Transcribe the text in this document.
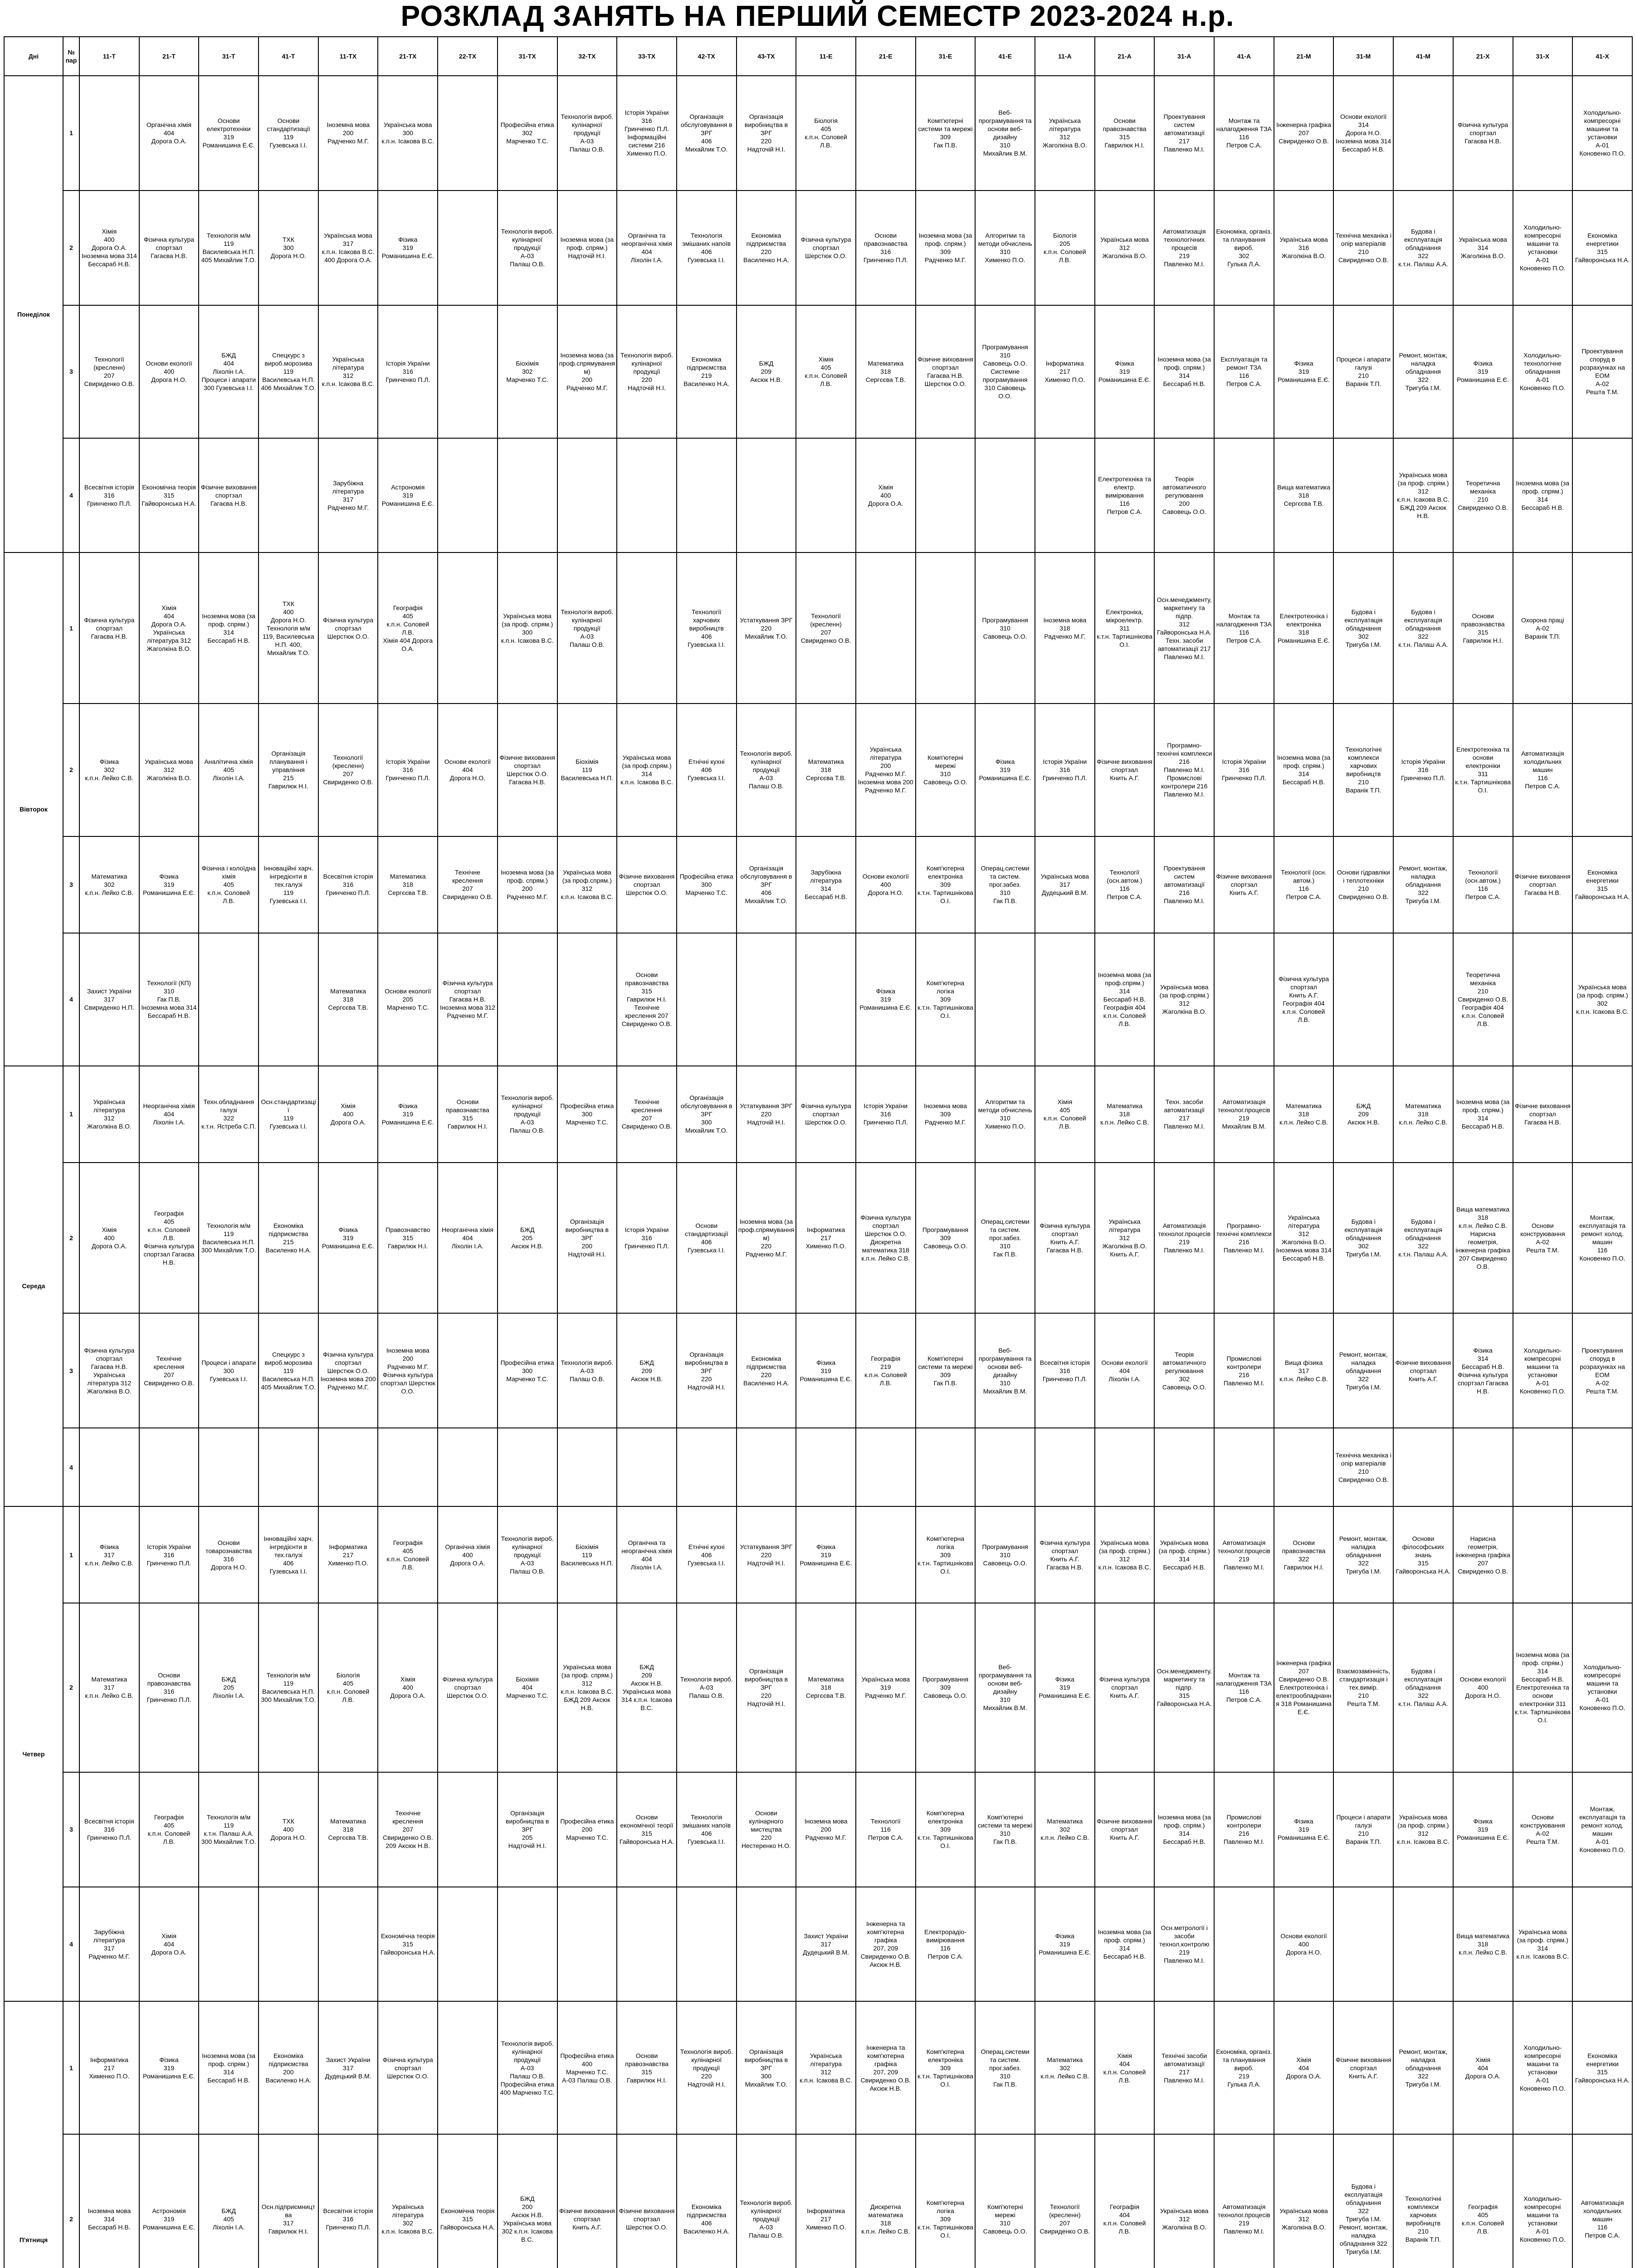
РОЗКЛАД ЗАНЯТЬ НА ПЕРШИЙ СЕМЕСТР 2023-2024 н.р.
Дні	№ пар	11-Т	21-Т	31-Т	41-Т	11-ТХ	21-ТХ	22-ТХ	31-ТХ	32-ТХ	33-ТХ	42-ТХ	43-ТХ	11-Е	21-Е	31-Е	41-Е	11-А	21-А	31-А	41-А	21-М	31-М	41-М	21-Х	31-Х	41-Х
Понеділок	1		Органічна хімія
404
Дорога О.А.	Основи електротехніки
319
Романишина Е.Є.	Основи стандартизації
119
Гузевська І.І.	Іноземна мова
200
Радченко М.Г.	Українська мова
300
к.п.н. Ісакова В.С.		Професійна етика
302
Марченко Т.С.	Технологія вироб. кулінарної продукції
А-03
Палаш О.В.	Історія України
316
Гринченко П.Л.
Інформаційні системи 216 Хименко П.О.	Організація обслуговування в ЗРГ
406
Михайлик Т.О.	Організація виробництва в ЗРГ
220
Надточій Н.І.	Біологія
405
к.п.н. Соловей Л.В.		Комп'ютерні системи та мережі
309
Гак П.В.	Веб-програмування та основи веб-дизайну
310
Михайлик В.М.	Українська література
312
Жаголкіна В.О.	Основи правознавства
315
Гаврилюк Н.І.	Проектування систем автоматизації
217
Павленко М.І.	Монтаж та налагодження ТЗА
116
Петров С.А.	Інженерна графіка
207
Свириденко О.В.	Основи екології
314
Дорога Н.О.
Іноземна мова 314 Бессараб Н.В.		Фізична культура
спортзал
Гагаєва Н.В.		Холодильно-компресорні машини та установки
А-01
Коновенко П.О.
	2	Хімія
400
Дорога О.А.
Іноземна мова 314 Бессараб Н.В.	Фізична культура
спортзал
Гагаєва Н.В.	Технологія м/м
119
Василевська Н.П.
405 Михайлик Т.О.	ТХК
300
Дорога Н.О.	Українська мова
317
к.п.н. Ісакова В.С.
400 Дорога О.А.	Фізика
319
Романишина Е.Є.		Технологія вироб. кулінарної продукції
А-03
Палаш О.В.	Іноземна мова (за проф. спрям.)
Надточій Н.І.	Органічна та неорганічна хімія
404
Ліхолін І.А.	Технологія змішаних напоїв
406
Гузевська І.І.	Економіка підприємства
220
Василенко Н.А.	Фізична культура
спортзал
Шерстюк О.О.	Основи правознавства
316
Гринченко П.Л.	Іноземна мова (за проф. спрям.)
309
Радченко М.Г.	Алгоритми та методи обчислень
310
Хименко П.О.	Біологія
205
к.п.н. Соловей Л.В.	Українська мова
312
Жаголкіна В.О.	Автоматизація технологічних процесів
219
Павленко М.І.	Економіка, організ. та планування вироб.
302
Гулька Л.А.	Українська мова
316
Жаголкіна В.О.	Технічна механіка і опір матеріалів
210
Свириденко О.В.	Будова і експлуатація обладнання
322
к.т.н. Палаш А.А.	Українська мова
314
Жаголкіна В.О.	Холодильно-компресорні машини та установки
А-01
Коновенко П.О.	Економіка енергетики
315
Гайворонська Н.А.
	3	Технології (кресленн)
207
Свириденко О.В.	Основи екології
400
Дорога Н.О.	БЖД
404
Ліхолін І.А.
Процеси і апарати 300 Гузевська І.І.	Спецкурс з вироб.морозива
119
Василевська Н.П.
406 Михайлик Т.О.	Українська література
312
к.п.н. Ісакова В.С.	Історія України
316
Гринченко П.Л.		Біохімія
302
Марченко Т.С.	Іноземна мова (за проф.спрямуванням)
200
Радченко М.Г.	Технологія вироб. кулінарної продукції
220
Надточій Н.І.	Економіка підприємства
219
Василенко Н.А.	БЖД
209
Аксюк Н.В.	Хімія
405
к.п.н. Соловей Л.В.	Математика
318
Сергєєва Т.В.	Фізичне виховання
спортзал
Гагаєва Н.В.
Шерстюк О.О.	Програмування
310
Савовець О.О.
Системне програмування 310 Савовець О.О.	Інформатика
217
Хименко П.О.	Фізика
319
Романишина Е.Є.	Іноземна мова (за проф. спрям.)
314
Бессараб Н.В.	Експлуатація та ремонт ТЗА
116
Петров С.А.	Фізика
319
Романишина Е.Є.	Процеси і апарати галузі
210
Варанік Т.П.	Ремонт, монтаж, наладка обладнання
322
Тригуба І.М.	Фізика
319
Романишина Е.Є.	Холодильно-технологічне обладнання
А-01
Коновенко П.О.	Проектування споруд в розрахунках на ЕОМ
А-02
Решта Т.М.
	4	Всесвітня історія
316
Гринченко П.Л.	Економічна теорія
315
Гайворонська Н.А.	Фізичне виховання
спортзал
Гагаєва Н.В.		Зарубіжна література
317
Радченко М.Г.	Астрономія
319
Романишина Е.Є.								Хімія
400
Дорога О.А.				Електротехніка та електр. вимірювання
116
Петров С.А.	Теорія автоматичного регулювання
200
Савовець О.О.		Вища математика
318
Сергєєва Т.В.		Українська мова (за проф. спрям.)
312
к.п.н. Ісакова В.С.
БЖД 209 Аксюк Н.В.	Теоретична механіка
210
Свириденко О.В.	Іноземна мова (за проф. спрям.)
314
Бессараб Н.В.	
Вівторок	1	Фізична культура
спортзал
Гагаєва Н.В.	Хімія
404
Дорога О.А.
Українська література 312 Жаголкіна В.О.	Іноземна мова (за проф. спрям.)
314
Бессараб Н.В.	ТХК
400
Дорога Н.О.
Технологія м/м 119, Василевська Н.П. 400, Михайлик Т.О.	Фізична культура
спортзал
Шерстюк О.О.	Географія
405
к.п.н. Соловей Л.В.
Хімія 404 Дорога О.А.		Українська мова (за проф. спрям.)
300
к.п.н. Ісакова В.С.	Технологія вироб. кулінарної продукції
А-03
Палаш О.В.		Технології харчових виробництв
406
Гузевська І.І.	Устаткування ЗРГ
220
Михайлик Т.О.	Технології (кресленн)
207
Свириденко О.В.			Програмування
310
Савовець О.О.	Іноземна мова
318
Радченко М.Г.	Електроніка, мікроелектр.
311
к.т.н. Тартишнікова О.І.	Осн.менеджменту, маркетингу та підпр.
312
Гайворонська Н.А.
Техн. засоби автоматизації 217 Павленко М.І.	Монтаж та налагодження ТЗА
116
Петров С.А.	Електротехніка і електроніка
318
Романишина Е.Є.	Будова і експлуатація обладнання
302
Тригуба І.М.	Будова і експлуатація обладнання
322
к.т.н. Палаш А.А.	Основи правознавства
315
Гаврилюк Н.І.	Охорона праці
А-02
Варанік Т.П.	
	2	Фізика
302
к.п.н. Лейко С.В.	Українська мова
312
Жаголкіна В.О.	Аналітична хімія
405
Ліхолін І.А.	Організація планування і управління
215
Гаврилюк Н.І.	Технології (кресленн)
207
Свириденко О.В.	Історія України
316
Гринченко П.Л.	Основи екології
404
Дорога Н.О.	Фізичне виховання
спортзал
Шерстюк О.О.
Гагаєва Н.В.	Біохімія
119
Василевська Н.П.	Українська мова (за проф.спрям.)
314
к.п.н. Ісакова В.С.	Етнічні кухні
406
Гузевська І.І.	Технологія вироб. кулінарної продукції
А-03
Палаш О.В.	Математика
318
Сергєєва Т.В.	Українська література
200
Радченко М.Г.
Іноземна мова 200 Радченко М.Г.	Комп'ютерні мережі
310
Савовець О.О.	Фізика
319
Романишина Е.Є.	Історія України
316
Гринченко П.Л.	Фізичне виховання
спортзал
Книть А.Г.	Програмно-технічні комплекси
216
Павленко М.І.
Промислові контролери 216 Павленко М.І.	Історія України
316
Гринченко П.Л.	Іноземна мова (за проф. спрям.)
314
Бессараб Н.В.	Технологічні комплекси харчових виробництв
210
Варанік Т.П.	Історія України
316
Гринченко П.Л.	Електротехніка та основи електроніки
311
к.т.н. Тартишнікова О.І.	Автоматизація холодильних машин
116
Петров С.А.	
	3	Математика
302
к.п.н. Лейко С.В.	Фізика
319
Романишина Е.Є.	Фізична і колоїдна хімія
405
к.п.н. Соловей Л.В.	Інноваційні харч. інгредієнти в тех.галузі
119
Гузевська І.І.	Всесвітня історія
316
Гринченко П.Л.	Математика
318
Сергєєва Т.В.	Технічне креслення
207
Свириденко О.В.	Іноземна мова (за проф. спрям.)
200
Радченко М.Г.	Українська мова (за проф.спрям.)
312
к.п.н. Ісакова В.С.	Фізичне виховання
спортзал
Шерстюк О.О.	Професійна етика
300
Марченко Т.С.	Організація обслуговування в ЗРГ
406
Михайлик Т.О.	Зарубіжна література
314
Бессараб Н.В.	Основи екології
400
Дорога Н.О.	Комп'ютерна електроніка
309
к.т.н. Тартишнікова О.І.	Операц.системи та систем. прог.забез.
310
Гак П.В.	Українська мова
317
Дудецький В.М.	Технології (осн.автом.)
116
Петров С.А.	Проектування систем автоматизації
216
Павленко М.І.	Фізичне виховання
спортзал
Книть А.Г.	Технології (осн. автом.)
116
Петров С.А.	Основи гідравліки і теплотехніки
210
Свириденко О.В.	Ремонт, монтаж, наладка обладнання
322
Тригуба І.М.	Технології (осн.автом.)
116
Петров С.А.	Фізичне виховання
спортзал
Гагаєва Н.В.	Економіка енергетики
315
Гайворонська Н.А.
	4	Захист України
317
Свириденко Н.П.	Технології (КП)
310
Гак П.В.
Іноземна мова 314 Бессараб Н.В.			Математика
318
Сергєєва Т.В.	Основи екології
205
Марченко Т.С.	Фізична культура
спортзал
Гагаєва Н.В.
Іноземна мова 312 Радченко М.Г.			Основи правознавства
315
Гаврилюк Н.І.
Технічне креслення 207 Свириденко О.В.				Фізика
319
Романишина Е.Є.	Комп'ютерна логіка
309
к.т.н. Тартишнікова О.І.			Іноземна мова (за проф.спрям.)
314
Бессараб Н.В.
Географія 404 к.п.н. Соловей Л.В.	Українська мова (за проф.спрям.)
312
Жаголкіна В.О.		Фізична культура
спортзал
Книть А.Г.
Географія 404 к.п.н. Соловей Л.В.			Теоретична механіка
210
Свириденко О.В.
Географія 404 к.п.н. Соловей Л.В.		Українська мова (за проф. спрям.)
302
к.п.н. Ісакова В.С.
Середа	1	Українська література
312
Жаголкіна В.О.	Неорганічна хімія
404
Ліхолін І.А.	Техн.обладнання галузі
322
к.т.н. Ястреба С.П.	Осн.стандартизації
119
Гузевська І.І.	Хімія
400
Дорога О.А.	Фізика
319
Романишина Е.Є.	Основи правознавства
315
Гаврилюк Н.І.	Технологія вироб. кулінарної продукції
А-03
Палаш О.В.	Професійна етика
300
Марченко Т.С.	Технічне креслення
207
Свириденко О.В.	Організація обслуговування в ЗРГ
300
Михайлик Т.О.	Устаткування ЗРГ
220
Надточій Н.І.	Фізична культура
спортзал
Шерстюк О.О.	Історія України
316
Гринченко П.Л.	Іноземна мова
309
Радченко М.Г.	Алгоритми та методи обчислень
310
Хименко П.О.	Хімія
405
к.п.н. Соловей Л.В.	Математика
318
к.п.н. Лейко С.В.	Техн. засоби автоматизації
217
Павленко М.І.	Автоматизація технолог.процесів
219
Михайлик В.М.	Математика
318
к.п.н. Лейко С.В.	БЖД
209
Аксюк Н.В.	Математика
318
к.п.н. Лейко С.В.	Іноземна мова (за проф. спрям.)
314
Бессараб Н.В.	Фізичне виховання
спортзал
Гагаєва Н.В.	
	2	Хімія
400
Дорога О.А.	Географія
405
к.п.н. Соловей Л.В.
Фізична культура спортзал Гагаєва Н.В.	Технологія м/м
119
Василевська Н.П.
300 Михайлик Т.О.	Економіка підприємства
215
Василенко Н.А.	Фізика
319
Романишина Е.Є.	Правознавство
315
Гаврилюк Н.І.	Неорганічна хімія
404
Ліхолін І.А.	БЖД
205
Аксюк Н.В.	Організація виробництва в ЗРГ
200
Надточій Н.І.	Історія України
316
Гринченко П.Л.	Основи стандартизації
406
Гузевська І.І.	Іноземна мова (за проф.спрямуванням)
220
Радченко М.Г.	Інформатика
217
Хименко П.О.	Фізична культура
спортзал
Шерстюк О.О.
Дискретна математика 318 к.п.н. Лейко С.В.	Програмування
309
Савовець О.О.	Операц.системи та систем. прог.забез.
310
Гак П.В.	Фізична культура
спортзал
Книть А.Г.
Гагаєва Н.В.	Українська література
312
Жаголкіна В.О.
Книть А.Г.	Автоматизація технолог.процесів
219
Павленко М.І.	Програмно-технічні комплекси
216
Павленко М.І.	Українська література
312
Жаголкіна В.О.
Іноземна мова 314 Бессараб Н.В.	Будова і експлуатація обладнання
302
Тригуба І.М.	Будова і експлуатація обладнання
322
к.т.н. Палаш А.А.	Вища математика
318
к.п.н. Лейко С.В.
Нарисна геометрія, інженерна графіка 207 Свириденко О.В.	Основи конструювання
А-02
Решта Т.М.	Монтаж, експлуатація та ремонт холод. машин
116
Коновенко П.О.
	3	Фізична культура
спортзал
Гагаєва Н.В.
Українська література 312 Жаголкіна В.О.	Технічне креслення
207
Свириденко О.В.	Процеси і апарати
300
Гузевська І.І.	Спецкурс з вироб.морозива
119
Василевська Н.П.
405 Михайлик Т.О.	Фізична культура
спортзал
Шерстюк О.О.
Іноземна мова 200 Радченко М.Г.	Іноземна мова
200
Радченко М.Г.
Фізична культура спортзал Шерстюк О.О.		Професійна етика
300
Марченко Т.С.	Технологія вироб.
А-03
Палаш О.В.	БЖД
209
Аксюк Н.В.	Організація виробництва в ЗРГ
220
Надточій Н.І.	Економіка підприємства
220
Василенко Н.А.	Фізика
319
Романишина Е.Є.	Географія
219
к.п.н. Соловей Л.В.	Комп'ютерні системи та мережі
309
Гак П.В.	Веб-програмування та основи веб-дизайну
310
Михайлик В.М.	Всесвітня історія
316
Гринченко П.Л.	Основи екології
404
Ліхолін І.А.	Теорія автоматичного регулювання
302
Савовець О.О.	Промислові контролери
216
Павленко М.І.	Вища фізика
317
к.п.н. Лейко С.В.	Ремонт, монтаж, наладка обладнання
322
Тригуба І.М.	Фізичне виховання
спортзал
Книть А.Г.	Фізика
314
Бессараб Н.В.
Фізична культура спортзал Гагаєва Н.В.	Холодильно-компресорні машини та установки
А-01
Коновенко П.О.	Проектування споруд в розрахунках на ЕОМ
А-02
Решта Т.М.
	4																						Технічна механіка і опір матеріалів
210
Свириденко О.В.				
Четвер	1	Фізика
317
к.п.н. Лейко С.В.	Історія України
316
Гринченко П.Л.	Основи товарознавства
316
Дорога Н.О.	Інноваційні харч. інгредієнти в тех.галузі
406
Гузевська І.І.	Інформатика
217
Хименко П.О.	Географія
405
к.п.н. Соловей Л.В.	Органічна хімія
400
Дорога О.А.	Технологія вироб. кулінарної продукції
А-03
Палаш О.В.	Біохімія
119
Василевська Н.П.	Органічна та неорганічна хімія
404
Ліхолін І.А.	Етнічні кухні
406
Гузевська І.І.	Устаткування ЗРГ
220
Надточій Н.І.	Фізика
319
Романишина Е.Є.		Комп'ютерна логіка
309
к.т.н. Тартишнікова О.І.	Програмування
310
Савовець О.О.	Фізична культура
спортзал
Книть А.Г.
Гагаєва Н.В.	Українська мова (за проф. спрям.)
312
к.п.н. Ісакова В.С.	Українська мова (за проф. спрям.)
314
Бессараб Н.В.	Автоматизація технолог.процесів
219
Павленко М.І.	Основи правознавства
322
Гаврилюк Н.І.	Ремонт, монтаж, наладка обладнання
322
Тригуба І.М.	Основи філософських знань
315
Гайворонська Н.А.	Нарисна геометрія, інженерна графіка
207
Свириденко О.В.		
	2	Математика
317
к.п.н. Лейко С.В.	Основи правознавства
316
Гринченко П.Л.	БЖД
205
Ліхолін І.А.	Технологія м/м
119
Василевська Н.П.
300 Михайлик Т.О.	Біологія
405
к.п.н. Соловей Л.В.	Хімія
400
Дорога О.А.	Фізична культура
спортзал
Шерстюк О.О.	Біохімія
404
Марченко Т.С.	Українська мова (за проф. спрям.)
312
к.п.н. Ісакова В.С.
БЖД 209 Аксюк Н.В.	БЖД
209
Аксюк Н.В.
Українська мова 314 к.п.н. Ісакова В.С.	Технологія вироб.
А-03
Палаш О.В.	Організація виробництва в ЗРГ
220
Надточій Н.І.	Математика
318
Сергєєва Т.В.	Українська мова
319
Радченко М.Г.	Програмування
309
Савовець О.О.	Веб-програмування та основи веб-дизайну
310
Михайлик В.М.	Фізика
319
Романишина Е.Є.	Фізична культура
спортзал
Книть А.Г.	Осн.менеджменту, маркетингу та підпр.
315
Гайворонська Н.А.	Монтаж та налагодження ТЗА
116
Петров С.А.	Інженерна графіка
207
Свириденко О.В.
Електротехніка і електрообладнання 318 Романишина Е.Є.	Взаємозамінність, стандартизація і тех.вимір.
210
Решта Т.М.	Будова і експлуатація обладнання
322
к.т.н. Палаш А.А.	Основи екології
400
Дорога Н.О.	Іноземна мова (за проф. спрям.)
314
Бессараб Н.В.
Електротехніка та основи електроніки 311 к.т.н. Тартишнікова О.І.	Холодильно-компресорні машини та установки
А-01
Коновенко П.О.
	3	Всесвітня історія
316
Гринченко П.Л.	Географія
405
к.п.н. Соловей Л.В.	Технологія м/м
119
к.т.н. Палаш А.А.
300 Михайлик Т.О.	ТХК
400
Дорога Н.О.	Математика
318
Сергєєва Т.В.	Технічне креслення
207
Свириденко О.В.
209 Аксюк Н.В.		Організація виробництва в ЗРГ
205
Надточій Н.І.	Професійна етика
200
Марченко Т.С.	Основи економічної теорії
315
Гайворонська Н.А.	Технологія змішаних напоїв
406
Гузевська І.І.	Основи кулінарного мистецтва
220
Нестеренко Н.О.	Іноземна мова
200
Радченко М.Г.	Технології
116
Петров С.А.	Комп'ютерна електроніка
309
к.т.н. Тартишнікова О.І.	Комп'ютерні системи та мережі
310
Гак П.В.	Математика
302
к.п.н. Лейко С.В.	Фізичне виховання
спортзал
Книть А.Г.	Іноземна мова (за проф. спрям.)
314
Бессараб Н.В.	Промислові контролери
216
Павленко М.І.	Фізика
319
Романишина Е.Є.	Процеси і апарати галузі
210
Варанік Т.П.	Українська мова (за проф. спрям.)
312
к.п.н. Ісакова В.С.	Фізика
319
Романишина Е.Є.	Основи конструювання
А-02
Решта Т.М.	Монтаж, експлуатація та ремонт холод. машин
А-01
Коновенко П.О.
	4	Зарубіжна література
317
Радченко М.Г.	Хімія
404
Дорога О.А.				Економічна теорія
315
Гайворонська Н.А.							Захист України
317
Дудецький В.М.	Інженерна та комп'ютерна графіка
207, 209
Свириденко О.В.
Аксюк Н.В.	Електрорадіо-вимірювання
116
Петров С.А.		Фізика
319
Романишина Е.Є.	Іноземна мова (за проф. спрям.)
314
Бессараб Н.В.	Осн.метрології і засоби технол.контролю
219
Павленко М.І.		Основи екології
400
Дорога Н.О.			Вища математика
318
к.п.н. Лейко С.В.	Українська мова (за проф. спрям.)
314
к.п.н. Ісакова В.С.	
П'ятниця	1	Інформатика
217
Хименко П.О.	Фізика
319
Романишина Е.Є.	Іноземна мова (за проф. спрям.)
314
Бессараб Н.В.	Економіка підприємства
200
Василенко Н.А.	Захист України
317
Дудецький В.М.	Фізична культура
спортзал
Шерстюк О.О.		Технологія вироб. кулінарної продукції
А-03
Палаш О.В.
Професійна етика 400 Марченко Т.С.	Професійна етика
400
Марченко Т.С.
А-03 Палаш О.В.	Основи правознавства
315
Гаврилюк Н.І.	Технологія вироб. кулінарної продукції
220
Надточій Н.І.	Організація виробництва в ЗРГ
300
Михайлик Т.О.	Українська література
312
к.п.н. Ісакова В.С.	Інженерна та комп'ютерна графіка
207, 209
Свириденко О.В.
Аксюк Н.В.	Комп'ютерна електроніка
309
к.т.н. Тартишнікова О.І.	Операц.системи та систем. прог.забез.
310
Гак П.В.	Математика
302
к.п.н. Лейко С.В.	Хімія
404
к.п.н. Соловей Л.В.	Технічні засоби автоматизації
217
Павленко М.І.	Економіка, організ. та планування вироб.
219
Гулька Л.А.	Хімія
404
Дорога О.А.	Фізичне виховання
спортзал
Книть А.Г.	Ремонт, монтаж, наладка обладнання
322
Тригуба І.М.	Хімія
404
Дорога О.А.	Холодильно-компресорні машини та установки
А-01
Коновенко П.О.	Економіка енергетики
315
Гайворонська Н.А.
	2	Іноземна мова
314
Бессараб Н.В.	Астрономія
319
Романишина Е.Є.	БЖД
405
Ліхолін І.А.	Осн.підприємництва
317
Гаврилюк Н.І.	Всесвітня історія
316
Гринченко П.Л.	Українська література
302
к.п.н. Ісакова В.С.	Економічна теорія
315
Гайворонська Н.А.	БЖД
200
Аксюк Н.В.
Українська мова 302 к.п.н. Ісакова В.С.	Фізичне виховання
спортзал
Книть А.Г.	Фізичне виховання
спортзал
Шерстюк О.О.	Економіка підприємства
406
Василенко Н.А.	Технологія вироб. кулінарної продукції
А-03
Палаш О.В.	Інформатика
217
Хименко П.О.	Дискретна математика
318
к.п.н. Лейко С.В.	Комп'ютерна логіка
309
к.т.н. Тартишнікова О.І.	Комп'ютерні мережі
310
Савовець О.О.	Технології (кресленн)
207
Свириденко О.В.	Географія
404
к.п.н. Соловей Л.В.	Українська мова
312
Жаголкіна В.О.	Автоматизація технолог.процесів
219
Павленко М.І.	Українська мова
312
Жаголкіна В.О.	Будова і експлуатація обладнання
322
Тригуба І.М.
Ремонт, монтаж, наладка обладнання 322 Тригуба І.М.	Технологічні комплекси харчових виробництв
210
Варанік Т.П.	Географія
405
к.п.н. Соловей Л.В.	Холодильно-компресорні машини та установки
А-01
Коновенко П.О.	Автоматизація холодильних машин
116
Петров С.А.
